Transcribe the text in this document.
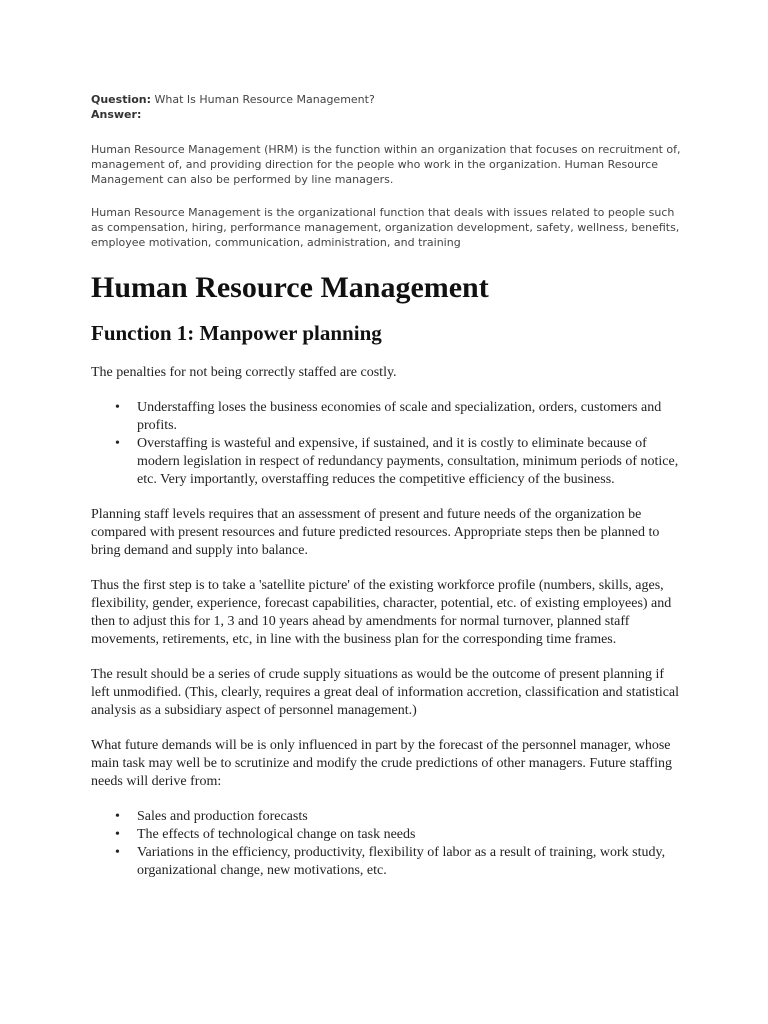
Question: What Is Human Resource Management?
Answer:

Human Resource Management (HRM) is the function within an organization that focuses on recruitment of, management of, and providing direction for the people who work in the organization. Human Resource Management can also be performed by line managers.

Human Resource Management is the organizational function that deals with issues related to people such as compensation, hiring, performance management, organization development, safety, wellness, benefits, employee motivation, communication, administration, and training

Human Resource Management
Function 1: Manpower planning

The penalties for not being correctly staffed are costly.

• Understaffing loses the business economies of scale and specialization, orders, customers and profits.
• Overstaffing is wasteful and expensive, if sustained, and it is costly to eliminate because of modern legislation in respect of redundancy payments, consultation, minimum periods of notice, etc. Very importantly, overstaffing reduces the competitive efficiency of the business.

Planning staff levels requires that an assessment of present and future needs of the organization be compared with present resources and future predicted resources. Appropriate steps then be planned to bring demand and supply into balance.

Thus the first step is to take a 'satellite picture' of the existing workforce profile (numbers, skills, ages, flexibility, gender, experience, forecast capabilities, character, potential, etc. of existing employees) and then to adjust this for 1, 3 and 10 years ahead by amendments for normal turnover, planned staff movements, retirements, etc, in line with the business plan for the corresponding time frames.

The result should be a series of crude supply situations as would be the outcome of present planning if left unmodified. (This, clearly, requires a great deal of information accretion, classification and statistical analysis as a subsidiary aspect of personnel management.)

What future demands will be is only influenced in part by the forecast of the personnel manager, whose main task may well be to scrutinize and modify the crude predictions of other managers. Future staffing needs will derive from:

• Sales and production forecasts
• The effects of technological change on task needs
• Variations in the efficiency, productivity, flexibility of labor as a result of training, work study, organizational change, new motivations, etc.
